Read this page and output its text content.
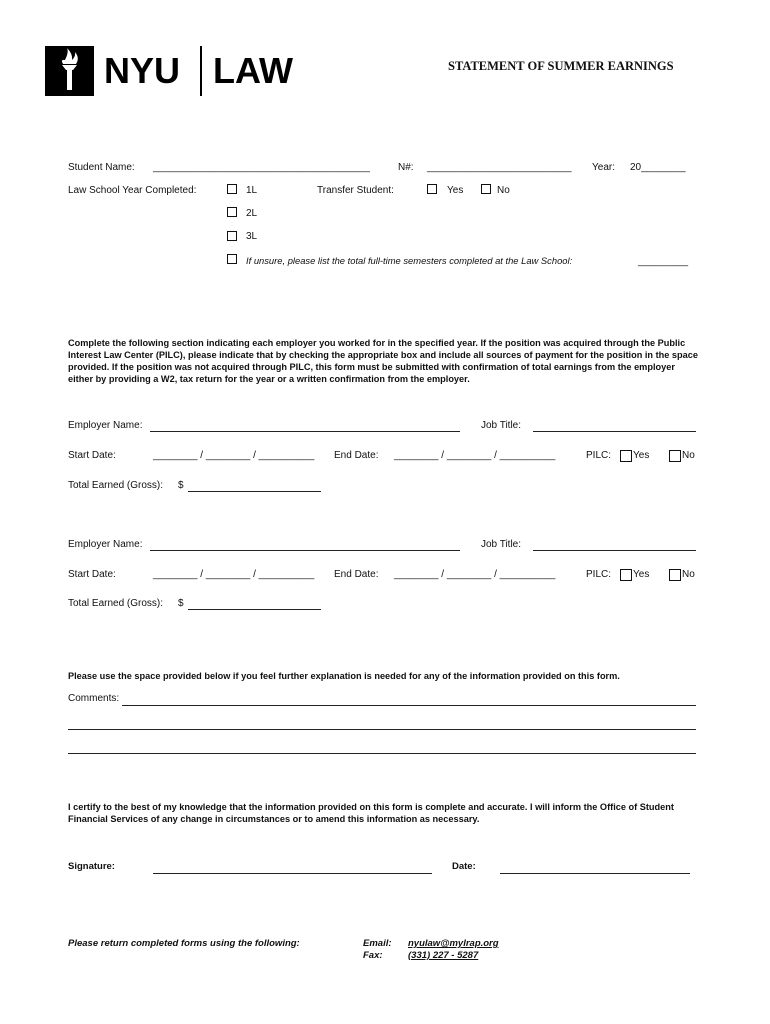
NYU LAW	STATEMENT OF SUMMER EARNINGS
Student Name: _______________________________________	N#: __________________________ Year: 20________
Law School Year Completed:	1L
2L
3L
If unsure, please list the total full-time semesters completed at the Law School:	_________
Transfer Student:	Yes	No
Complete the following section indicating each employer you worked for in the specified year. If the position was acquired through the Public Interest Law Center (PILC), please indicate that by checking the appropriate box and include all sources of payment for the position in the space provided. If the position was not acquired through PILC, this form must be submitted with confirmation of total earnings from the employer either by providing a W2, tax return for the year or a written confirmation from the employer.
Employer Name:	Job Title:
Start Date:	________ / ________ / __________ End Date: ________ / ________ / __________	PILC: Yes	No
Total Earned (Gross): $
Employer Name:	Job Title:
Start Date:	________ / ________ / __________ End Date: ________ / ________ / __________	PILC: Yes	No
Total Earned (Gross): $
Please use the space provided below if you feel further explanation is needed for any of the information provided on this form.
Comments:
I certify to the best of my knowledge that the information provided on this form is complete and accurate. I will inform the Office of Student Financial Services of any change in circumstances or to amend this information as necessary.
Signature:	Date:
Please return completed forms using the following:	Email: nyulaw@mylrap.org
Fax:	(331) 227 - 5287
